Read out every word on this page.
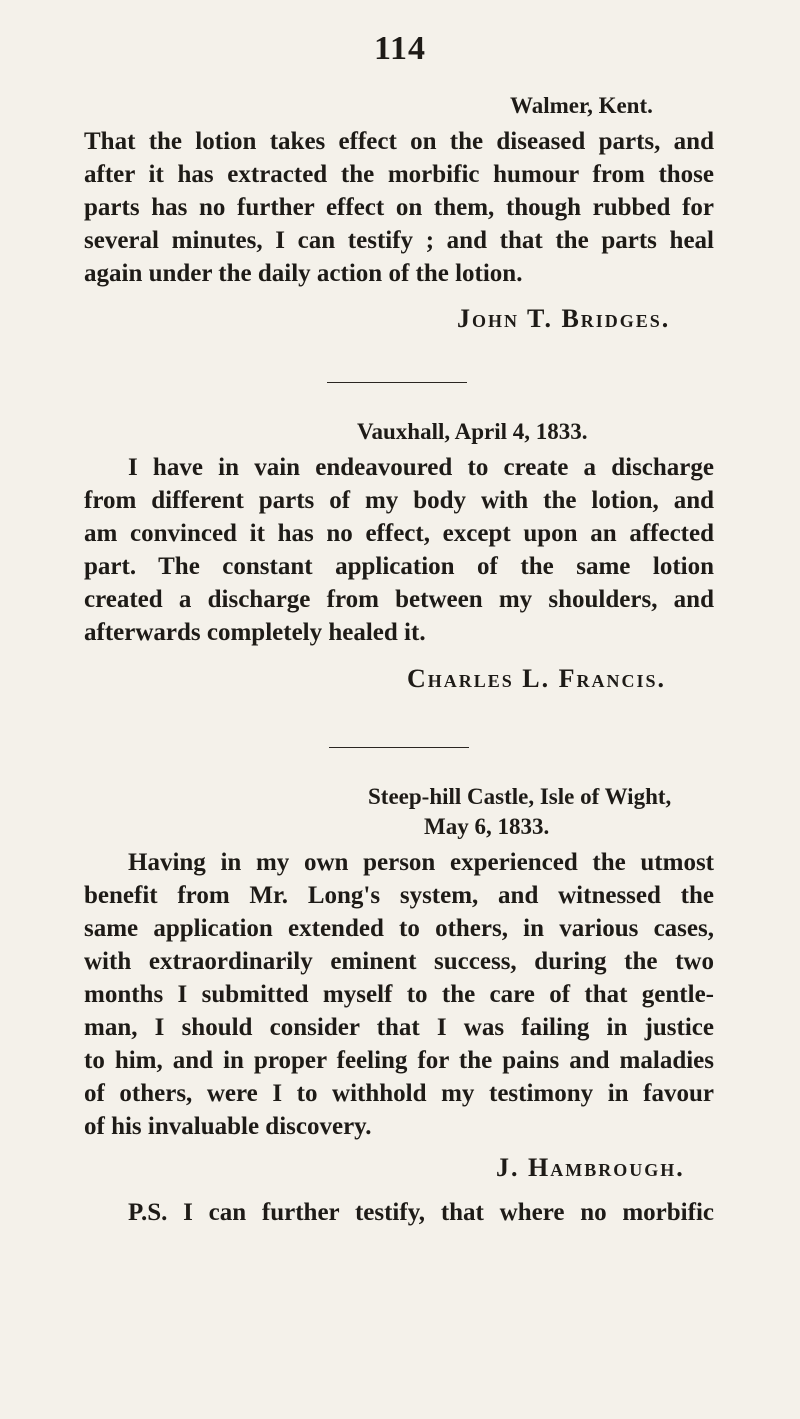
114
Walmer, Kent.
That the lotion takes effect on the diseased parts, and
after it has extracted the morbific humour from those
parts has no further effect on them, though rubbed for
several minutes, I can testify ; and that the parts heal
again under the daily action of the lotion.
John T. Bridges.
Vauxhall, April 4, 1833.
I have in vain endeavoured to create a discharge
from different parts of my body with the lotion, and
am convinced it has no effect, except upon an affected
part. The constant application of the same lotion
created a discharge from between my shoulders, and
afterwards completely healed it.
Charles L. Francis.
Steep-hill Castle, Isle of Wight,
May 6, 1833.
Having in my own person experienced the utmost
benefit from Mr. Long's system, and witnessed the
same application extended to others, in various cases,
with extraordinarily eminent success, during the two
months I submitted myself to the care of that gentle-
man, I should consider that I was failing in justice
to him, and in proper feeling for the pains and maladies
of others, were I to withhold my testimony in favour
of his invaluable discovery.
J. Hambrough.
P.S. I can further testify, that where no morbific
